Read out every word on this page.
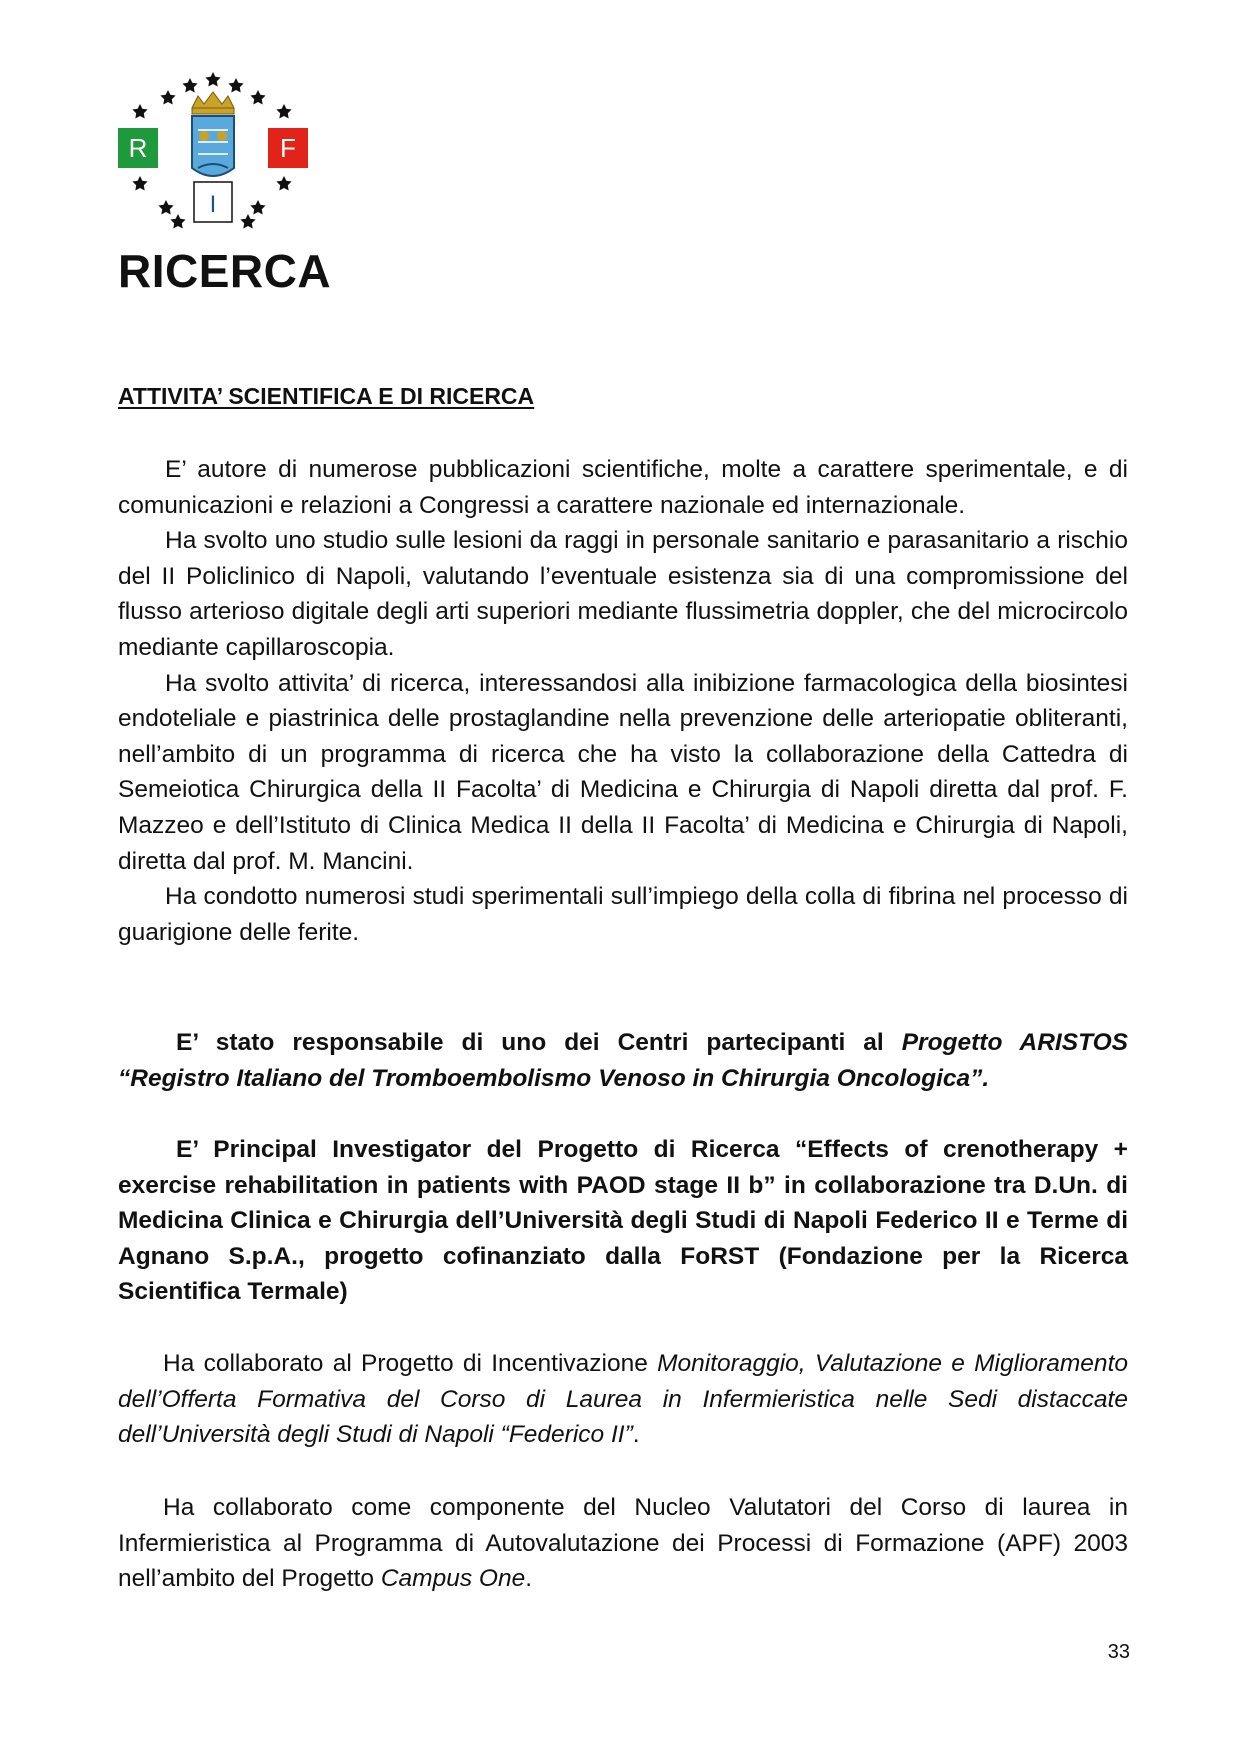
R	F
I
RICERCA
ATTIVITA’ SCIENTIFICA E DI RICERCA

E’ autore di numerose pubblicazioni scientifiche, molte a carattere sperimentale, e di comunicazioni e relazioni a Congressi a carattere nazionale ed internazionale.

Ha svolto uno studio sulle lesioni da raggi in personale sanitario e parasanitario a rischio del II Policlinico di Napoli, valutando l’eventuale esistenza sia di una compromissione del flusso arterioso digitale degli arti superiori mediante flussimetria doppler, che del microcircolo mediante capillaroscopia.

Ha svolto attivita’ di ricerca, interessandosi alla inibizione farmacologica della biosintesi endoteliale e piastrinica delle prostaglandine nella prevenzione delle arteriopatie obliteranti, nell’ambito di un programma di ricerca che ha visto la collaborazione della Cattedra di Semeiotica Chirurgica della II Facolta’ di Medicina e Chirurgia di Napoli diretta dal prof. F. Mazzeo e dell’Istituto di Clinica Medica II della II Facolta’ di Medicina e Chirurgia di Napoli, diretta dal prof. M. Mancini.

Ha condotto numerosi studi sperimentali sull’impiego della colla di fibrina nel processo di guarigione delle ferite.

E’ stato responsabile di uno dei Centri partecipanti al Progetto ARISTOS “Registro Italiano del Tromboembolismo Venoso in Chirurgia Oncologica”.

E’ Principal Investigator del Progetto di Ricerca “Effects of crenotherapy + exercise rehabilitation in patients with PAOD stage II b” in collaborazione tra D.Un. di Medicina Clinica e Chirurgia dell’Università degli Studi di Napoli Federico II e Terme di Agnano S.p.A., progetto cofinanziato dalla FoRST (Fondazione per la Ricerca Scientifica Termale)

Ha collaborato al Progetto di Incentivazione Monitoraggio, Valutazione e Miglioramento dell’Offerta Formativa del Corso di Laurea in Infermieristica nelle Sedi distaccate dell’Università degli Studi di Napoli “Federico II”.

Ha collaborato come componente del Nucleo Valutatori del Corso di laurea in Infermieristica al Programma di Autovalutazione dei Processi di Formazione (APF) 2003 nell’ambito del Progetto Campus One.

33
